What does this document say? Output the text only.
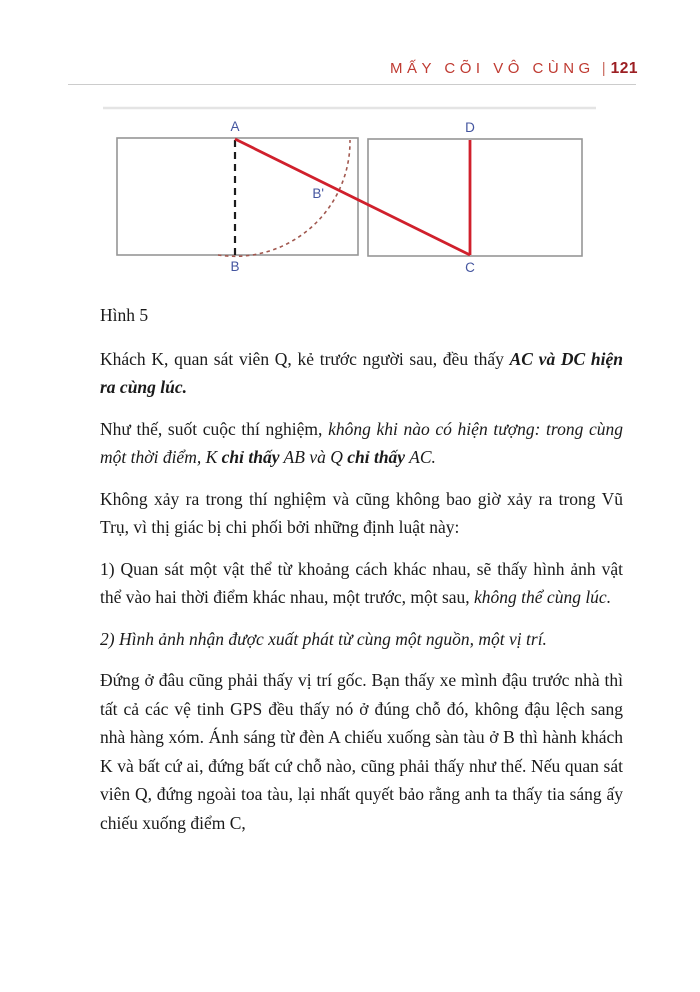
MẤY CÕI VÔ CÙNG | 121
A
B
B'
D
C

Hình 5

Khách K, quan sát viên Q, kẻ trước người sau, đều thấy AC và DC hiện ra cùng lúc.

Như thế, suốt cuộc thí nghiệm, không khi nào có hiện tượng: trong cùng một thời điểm, K chỉ thấy AB và Q chỉ thấy AC.

Không xảy ra trong thí nghiệm và cũng không bao giờ xảy ra trong Vũ Trụ, vì thị giác bị chi phối bởi những định luật này:

1) Quan sát một vật thể từ khoảng cách khác nhau, sẽ thấy hình ảnh vật thể vào hai thời điểm khác nhau, một trước, một sau, không thể cùng lúc.

2) Hình ảnh nhận được xuất phát từ cùng một nguồn, một vị trí.

Đứng ở đâu cũng phải thấy vị trí gốc. Bạn thấy xe mình đậu trước nhà thì tất cả các vệ tinh GPS đều thấy nó ở đúng chỗ đó, không đậu lệch sang nhà hàng xóm. Ánh sáng từ đèn A chiếu xuống sàn tàu ở B thì hành khách K và bất cứ ai, đứng bất cứ chỗ nào, cũng phải thấy như thế. Nếu quan sát viên Q, đứng ngoài toa tàu, lại nhất quyết bảo rằng anh ta thấy tia sáng ấy chiếu xuống điểm C,
